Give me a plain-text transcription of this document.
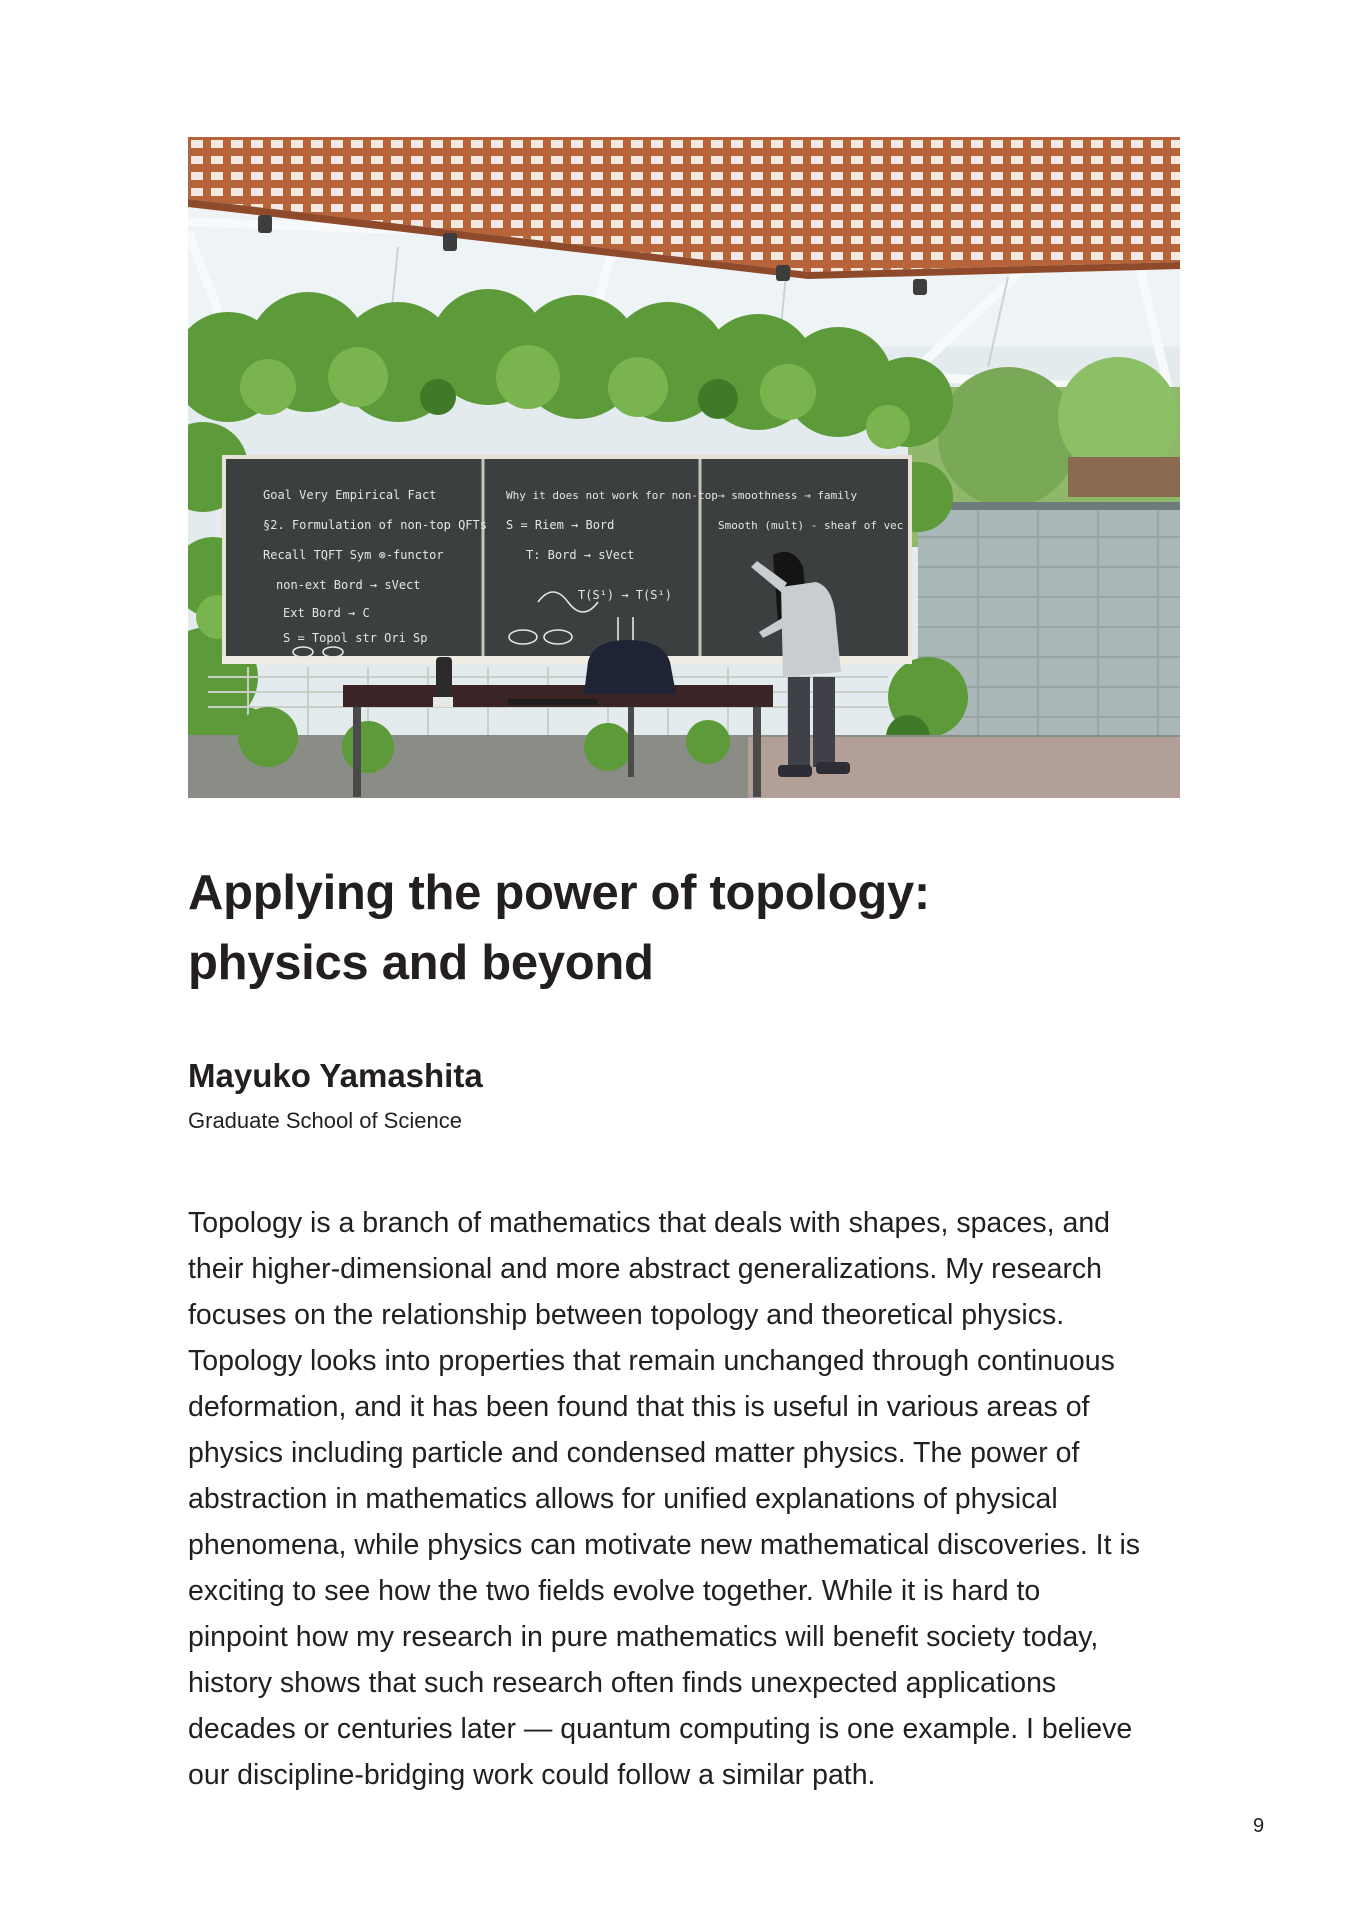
Goal Very Empirical Fact
§2. Formulation of non-top QFTs
Recall TQFT Sym ⊗-functor
non-ext Bord → sVect
Ext Bord → C
S = Topol str Ori Sp
Why it does not work for non-top
S = Riem → Bord
T: Bord → sVect
→ smoothness → family
Smooth (mult) - sheaf of vec
T(S¹) → T(S¹)
Applying the power of topology:
physics and beyond

Mayuko Yamashita

Graduate School of Science

Topology is a branch of mathematics that deals with shapes, spaces, and
their higher-dimensional and more abstract generalizations. My research
focuses on the relationship between topology and theoretical physics.
Topology looks into properties that remain unchanged through continuous
deformation, and it has been found that this is useful in various areas of
physics including particle and condensed matter physics. The power of
abstraction in mathematics allows for unified explanations of physical
phenomena, while physics can motivate new mathematical discoveries. It is
exciting to see how the two fields evolve together. While it is hard to
pinpoint how my research in pure mathematics will benefit society today,
history shows that such research often finds unexpected applications
decades or centuries later — quantum computing is one example. I believe
our discipline-bridging work could follow a similar path.

9
